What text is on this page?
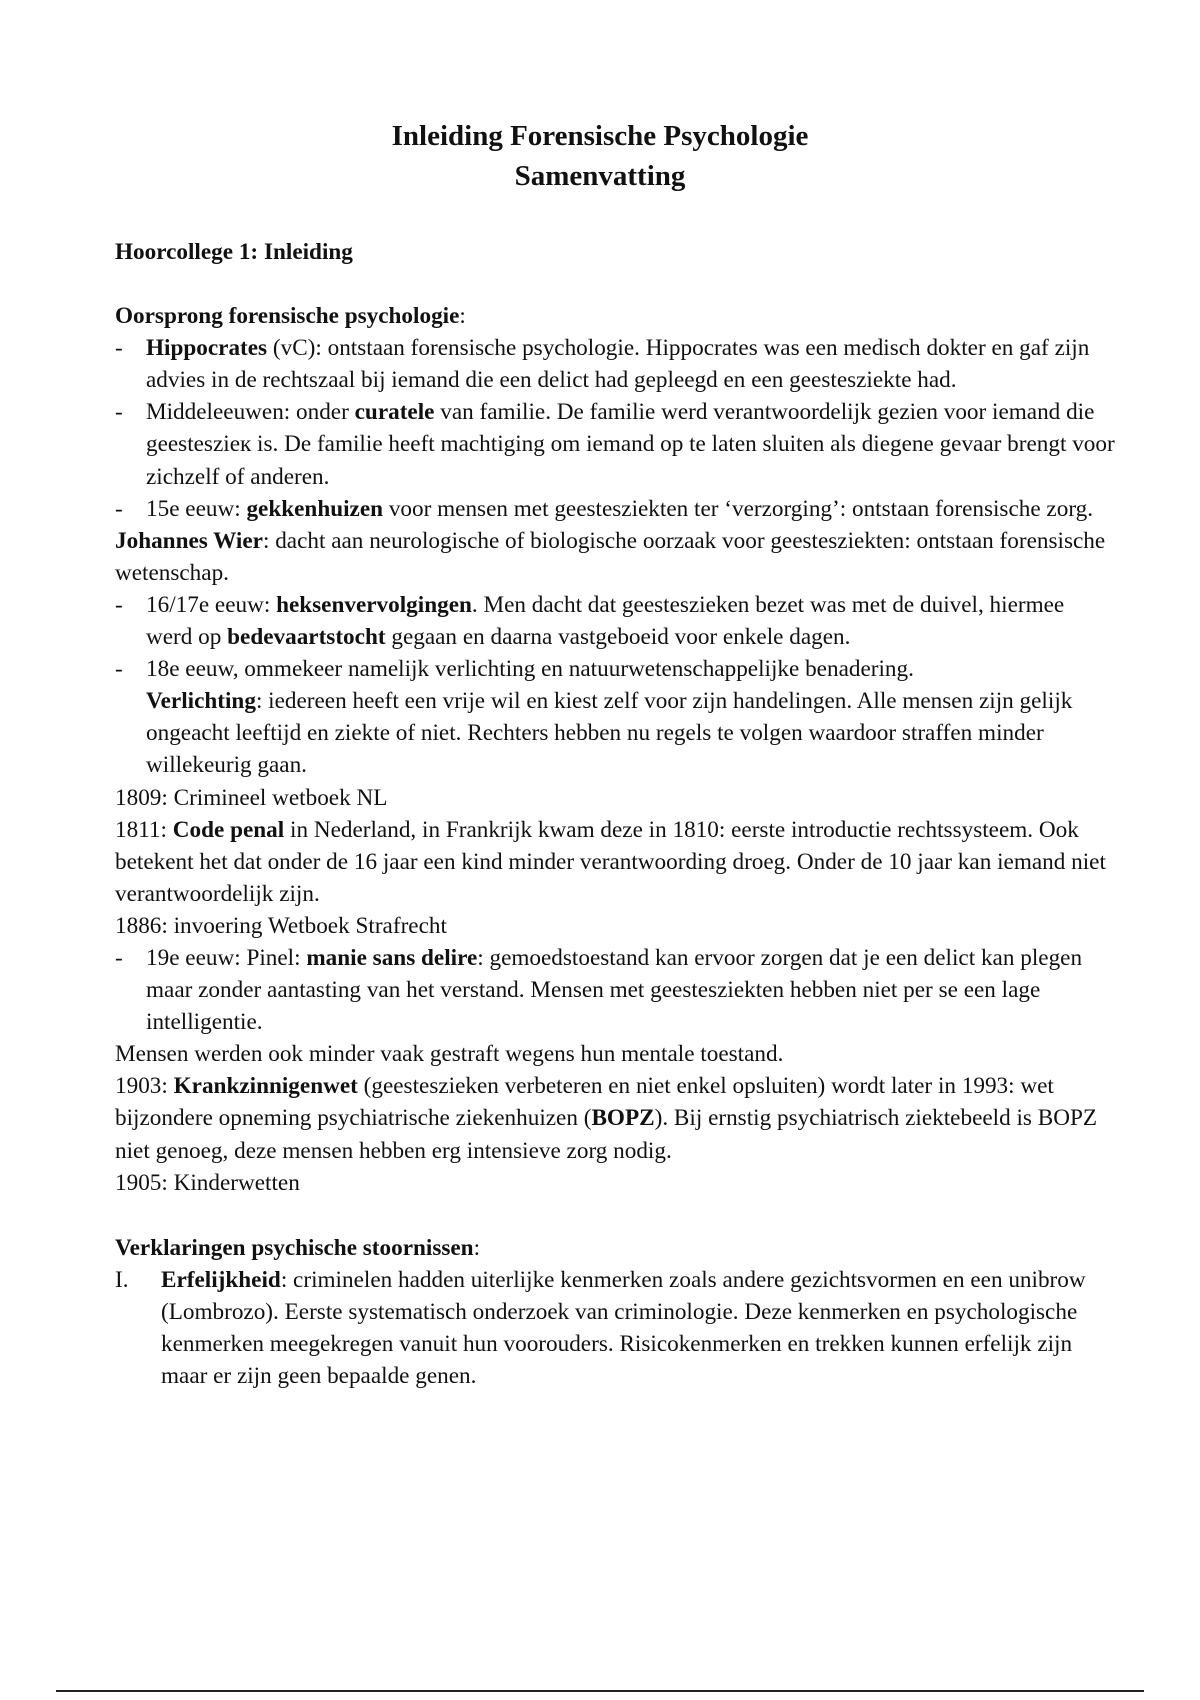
Inleiding Forensische Psychologie
Samenvatting

Hoorcollege 1: Inleiding

Oorsprong forensische psychologie:

- Hippocrates (vC): ontstaan forensische psychologie. Hippocrates was een medisch dokter en gaf zijn advies in de rechtszaal bij iemand die een delict had gepleegd en een geestesziekte had.

- Middeleeuwen: onder curatele van familie. De familie werd verantwoordelijk gezien voor iemand die geesteszieк is. De familie heeft machtiging om iemand op te laten sluiten als diegene gevaar brengt voor zichzelf of anderen.

- 15e eeuw: gekkenhuizen voor mensen met geestesziekten ter ‘verzorging’: ontstaan forensische zorg.

Johannes Wier: dacht aan neurologische of biologische oorzaak voor geestesziekten: ontstaan forensische wetenschap.

- 16/17e eeuw: heksenvervolgingen. Men dacht dat geesteszieken bezet was met de duivel, hiermee werd op bedevaartstocht gegaan en daarna vastgeboeid voor enkele dagen.

- 18e eeuw, ommekeer namelijk verlichting en natuurwetenschappelijke benadering.

Verlichting: iedereen heeft een vrije wil en kiest zelf voor zijn handelingen. Alle mensen zijn gelijk ongeacht leeftijd en ziekte of niet. Rechters hebben nu regels te volgen waardoor straffen minder willekeurig gaan.

1809: Crimineel wetboek NL

1811: Code penal in Nederland, in Frankrijk kwam deze in 1810: eerste introductie rechtssysteem. Ook betekent het dat onder de 16 jaar een kind minder verantwoording droeg. Onder de 10 jaar kan iemand niet verantwoordelijk zijn.

1886: invoering Wetboek Strafrecht

- 19e eeuw: Pinel: manie sans delire: gemoedstoestand kan ervoor zorgen dat je een delict kan plegen maar zonder aantasting van het verstand. Mensen met geestesziekten hebben niet per se een lage intelligentie.

Mensen werden ook minder vaak gestraft wegens hun mentale toestand.

1903: Krankzinnigenwet (geesteszieken verbeteren en niet enkel opsluiten) wordt later in 1993: wet bijzondere opneming psychiatrische ziekenhuizen (BOPZ). Bij ernstig psychiatrisch ziektebeeld is BOPZ niet genoeg, deze mensen hebben erg intensieve zorg nodig.

1905: Kinderwetten

Verklaringen psychische stoornissen:

I. Erfelijkheid: criminelen hadden uiterlijke kenmerken zoals andere gezichtsvormen en een unibrow (Lombrozo). Eerste systematisch onderzoek van criminologie. Deze kenmerken en psychologische kenmerken meegekregen vanuit hun voorouders. Risicokenmerken en trekken kunnen erfelijk zijn maar er zijn geen bepaalde genen.
